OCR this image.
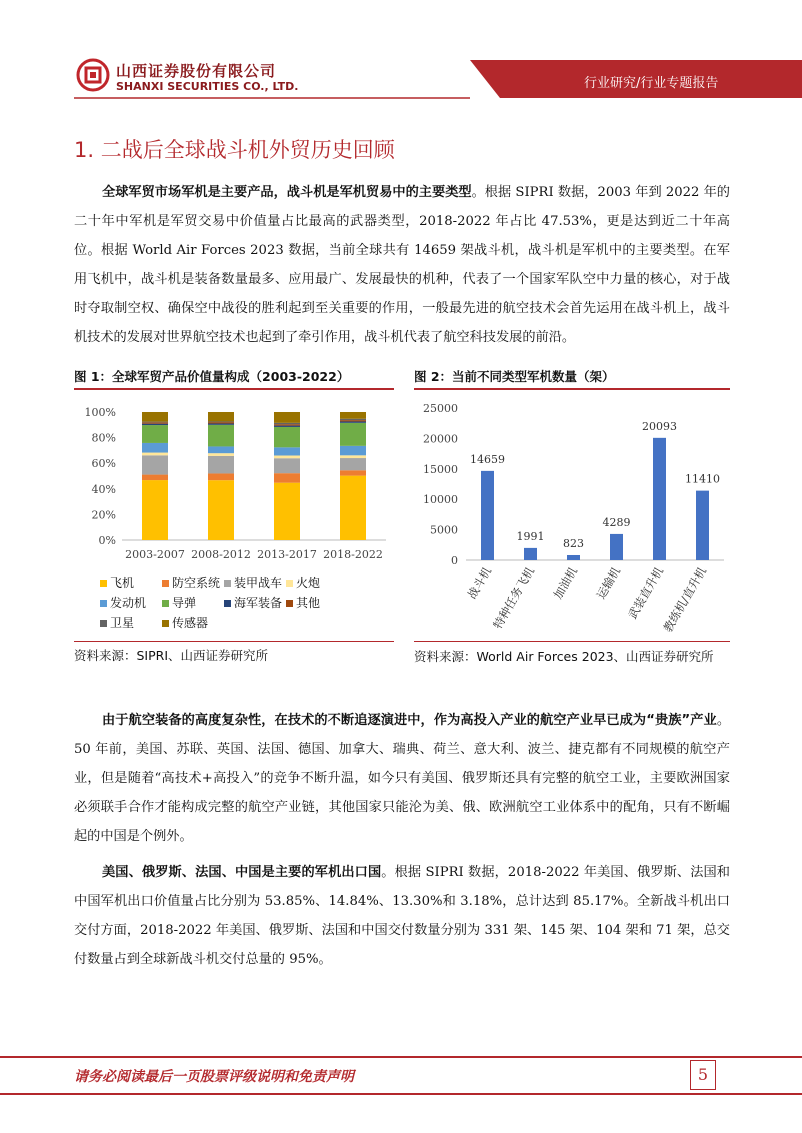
山西证券股份有限公司
SHANXI SECURITIES CO., LTD.	行业研究/行业专题报告
1. 二战后全球战斗机外贸历史回顾
全球军贸市场军机是主要产品，战斗机是军机贸易中的主要类型。根据 SIPRI 数据，2003 年到 2022 年的二十年中军机是军贸交易中价值量占比最高的武器类型，2018-2022 年占比 47.53%，更是达到近二十年高位。根据 World Air Forces 2023 数据，当前全球共有 14659 架战斗机，战斗机是军机中的主要类型。在军用飞机中，战斗机是装备数量最多、应用最广、发展最快的机种，代表了一个国家军队空中力量的核心，对于战时夺取制空权、确保空中战役的胜利起到至关重要的作用，一般最先进的航空技术会首先运用在战斗机上，战斗机技术的发展对世界航空技术也起到了牵引作用，战斗机代表了航空科技发展的前沿。
图 1：全球军贸产品价值量构成（2003-2022）	图 2：当前不同类型军机数量（架）
0%
20%
40%
60%
80%
100%
2003-2007 2008-2012 2013-2017 2018-2022
飞机	防空系统	装甲战车	火炮
发动机	导弹	海军装备	其他
卫星	传感器
0
5000
10000
15000
20000
25000
14659
战斗机
1991
特种任务飞机
823
加油机
4289
运输机
20093
武装直升机
11410
教练机/直升机
资料来源：SIPRI、山西证券研究所	资料来源：World Air Forces 2023、山西证券研究所
由于航空装备的高度复杂性，在技术的不断追逐演进中，作为高投入产业的航空产业早已成为“贵族”产业。50 年前，美国、苏联、英国、法国、德国、加拿大、瑞典、荷兰、意大利、波兰、捷克都有不同规模的航空产业，但是随着“高技术+高投入”的竞争不断升温，如今只有美国、俄罗斯还具有完整的航空工业，主要欧洲国家必须联手合作才能构成完整的航空产业链，其他国家只能沦为美、俄、欧洲航空工业体系中的配角，只有不断崛起的中国是个例外。
美国、俄罗斯、法国、中国是主要的军机出口国。根据 SIPRI 数据，2018-2022 年美国、俄罗斯、法国和中国军机出口价值量占比分别为 53.85%、14.84%、13.30%和 3.18%，总计达到 85.17%。全新战斗机出口交付方面，2018-2022 年美国、俄罗斯、法国和中国交付数量分别为 331 架、145 架、104 架和 71 架，总交付数量占到全球新战斗机交付总量的 95%。
请务必阅读最后一页股票评级说明和免责声明	5
